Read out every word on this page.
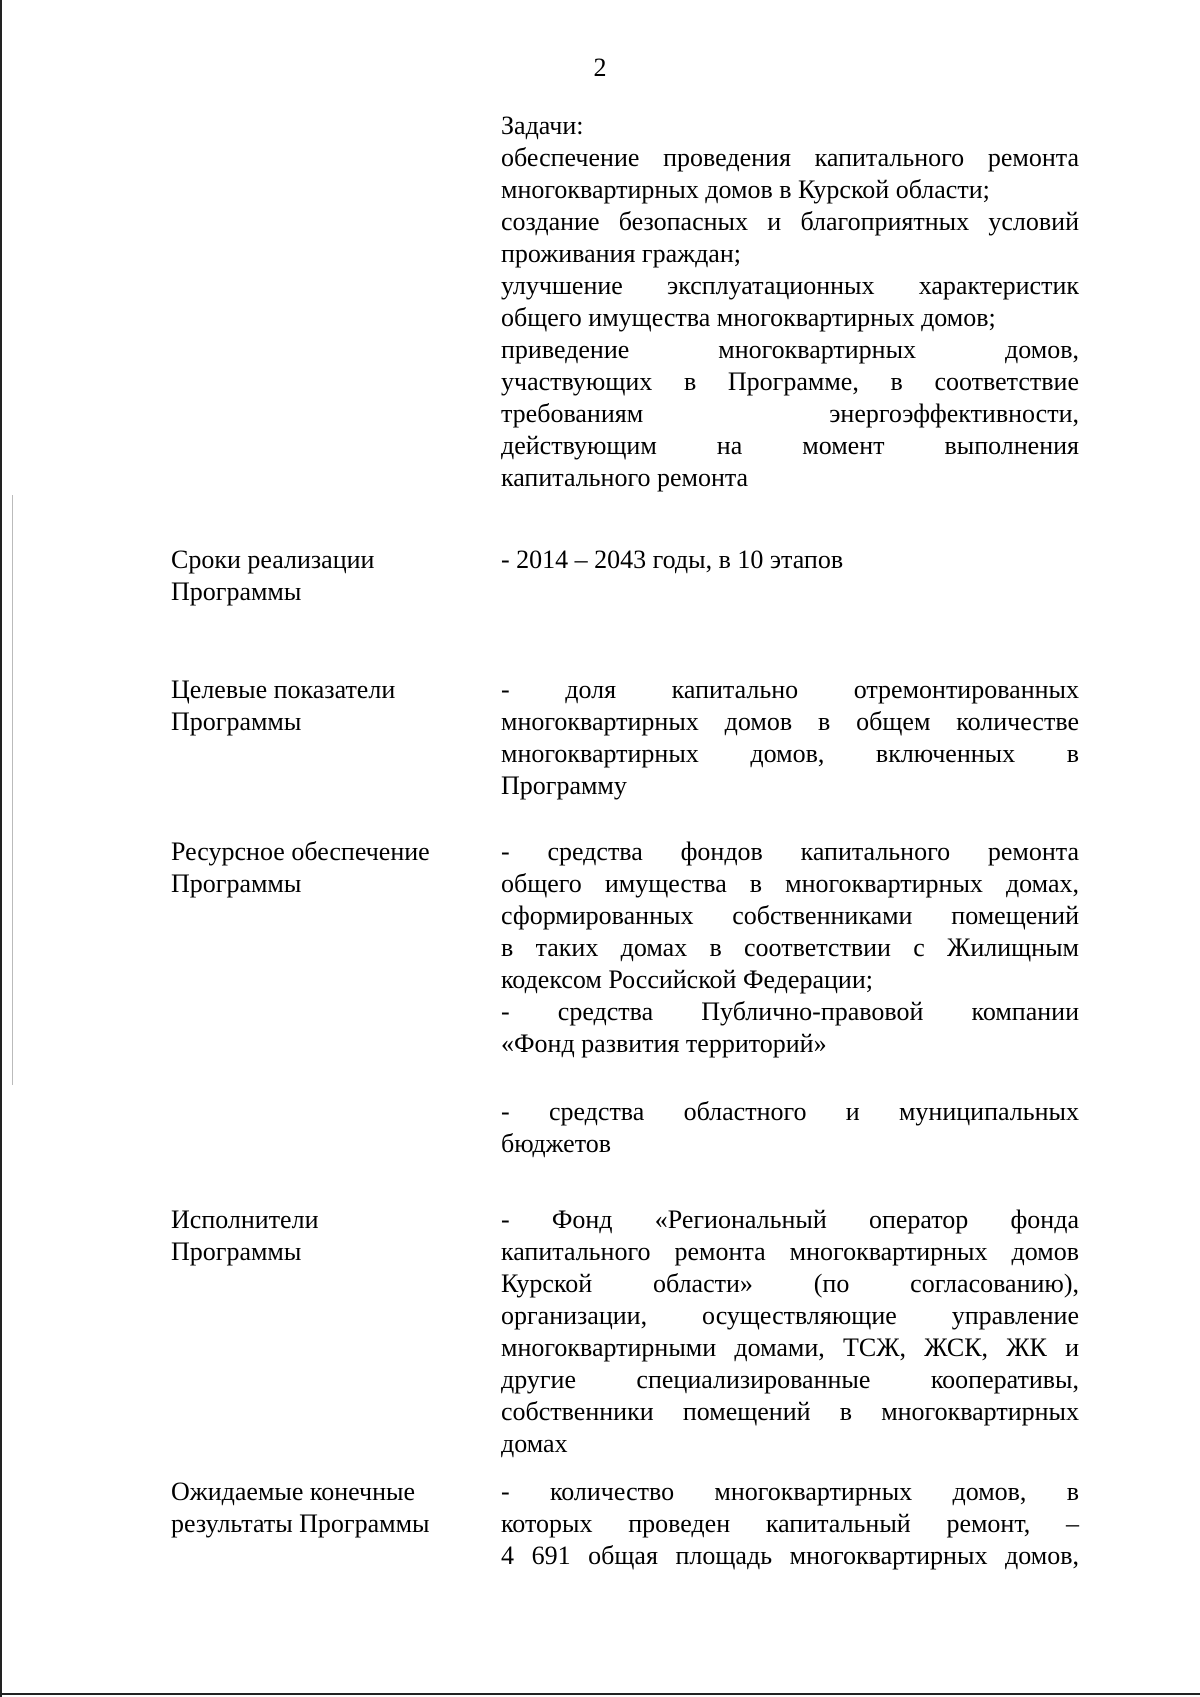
2
Задачи:
обеспечение проведения капитального ремонта
многоквартирных домов в Курской области;
создание безопасных и благоприятных условий
проживания граждан;
улучшение эксплуатационных характеристик
общего имущества многоквартирных домов;
приведение многоквартирных домов,
участвующих в Программе, в соответствие
требованиям энергоэффективности,
действующим на момент выполнения
капитального ремонта
Сроки реализации
Программы
- 2014 – 2043 годы, в 10 этапов
Целевые показатели
Программы
- доля капитально отремонтированных
многоквартирных домов в общем количестве
многоквартирных домов, включенных в
Программу
Ресурсное обеспечение
Программы
- средства фондов капитального ремонта
общего имущества в многоквартирных домах,
сформированных собственниками помещений
в таких домах в соответствии с Жилищным
кодексом Российской Федерации;
- средства Публично-правовой компании
«Фонд развития территорий»
- средства областного и муниципальных
бюджетов
Исполнители
Программы
- Фонд «Региональный оператор фонда
капитального ремонта многоквартирных домов
Курской области» (по согласованию),
организации, осуществляющие управление
многоквартирными домами, ТСЖ, ЖСК, ЖК и
другие специализированные кооперативы,
собственники помещений в многоквартирных
домах
Ожидаемые конечные
результаты Программы
- количество многоквартирных домов, в
которых проведен капитальный ремонт, –
4 691 общая площадь многоквартирных домов,
